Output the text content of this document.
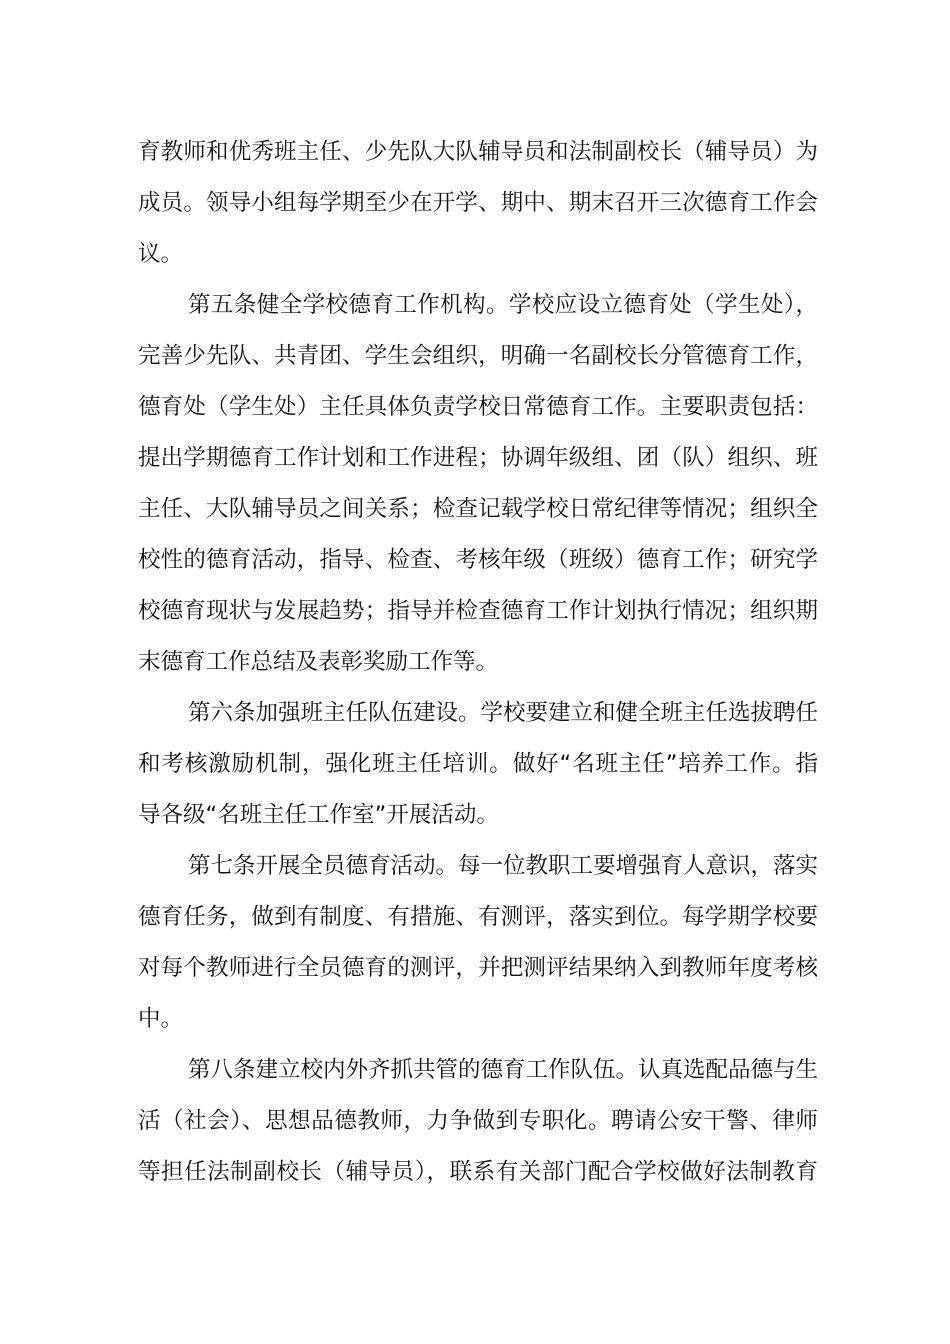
育教师和优秀班主任、少先队大队辅导员和法制副校长（辅导员）为
成员。领导小组每学期至少在开学、期中、期末召开三次德育工作会
议。
第五条健全学校德育工作机构。学校应设立德育处（学生处），
完善少先队、共青团、学生会组织，明确一名副校长分管德育工作，
德育处（学生处）主任具体负责学校日常德育工作。主要职责包括：
提出学期德育工作计划和工作进程；协调年级组、团（队）组织、班
主任、大队辅导员之间关系；检查记载学校日常纪律等情况；组织全
校性的德育活动，指导、检查、考核年级（班级）德育工作；研究学
校德育现状与发展趋势；指导并检查德育工作计划执行情况；组织期
末德育工作总结及表彰奖励工作等。
第六条加强班主任队伍建设。学校要建立和健全班主任选拔聘任
和考核激励机制，强化班主任培训。做好“名班主任”培养工作。指
导各级“名班主任工作室”开展活动。
第七条开展全员德育活动。每一位教职工要增强育人意识，落实
德育任务，做到有制度、有措施、有测评，落实到位。每学期学校要
对每个教师进行全员德育的测评，并把测评结果纳入到教师年度考核
中。
第八条建立校内外齐抓共管的德育工作队伍。认真选配品德与生
活（社会）、思想品德教师，力争做到专职化。聘请公安干警、律师
等担任法制副校长（辅导员），联系有关部门配合学校做好法制教育
